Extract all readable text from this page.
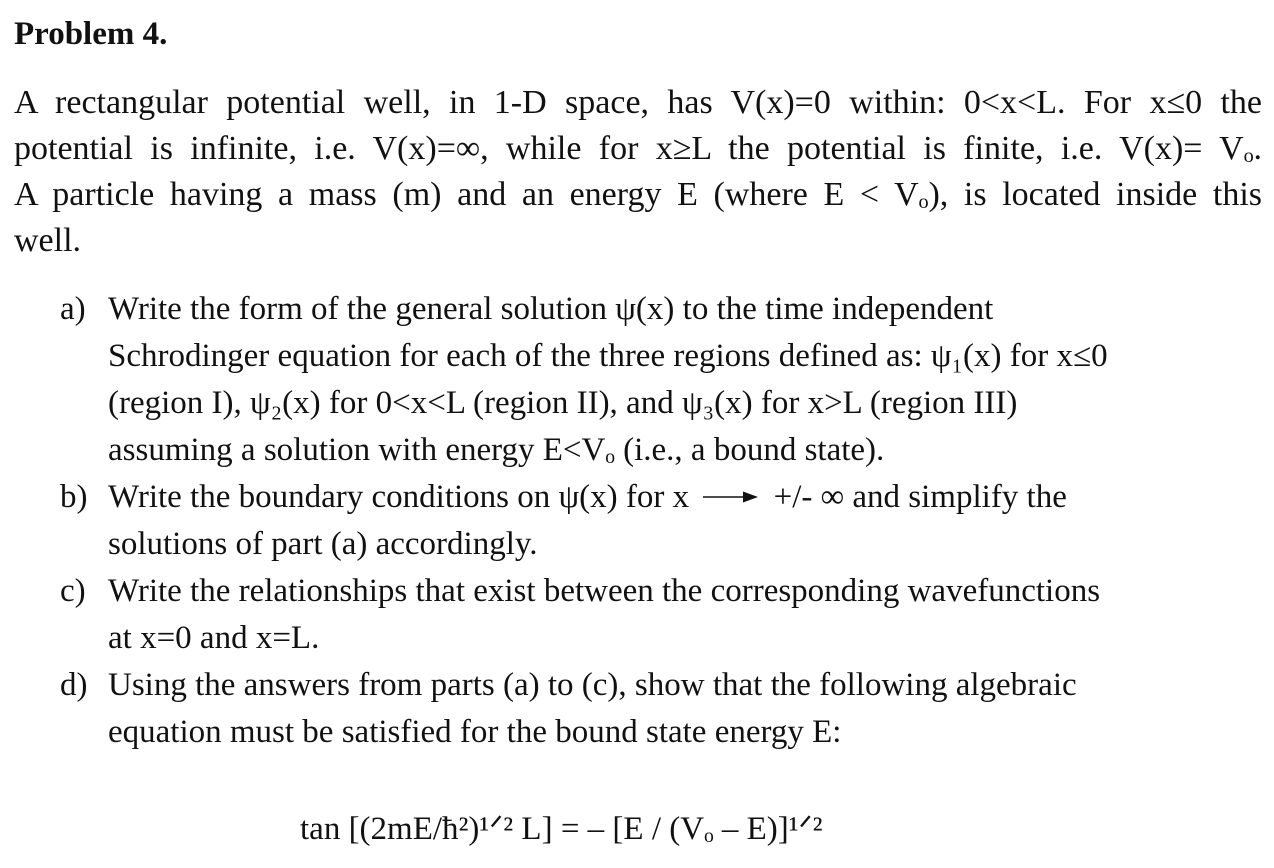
Problem 4.
A rectangular potential well, in 1-D space, has V(x)=0 within: 0<x<L. For x≤0 the
potential is infinite, i.e. V(x)=∞, while for x≥L the potential is finite, i.e. V(x)= Vₒ.
A particle having a mass (m) and an energy E (where E < Vₒ), is located inside this
well.
a) Write the form of the general solution ψ(x) to the time independent
Schrodinger equation for each of the three regions defined as: ψ₁(x) for x≤0
(region I), ψ₂(x) for 0<x<L (region II), and ψ₃(x) for x>L (region III)
assuming a solution with energy E<Vₒ (i.e., a bound state).
b) Write the boundary conditions on ψ(x) for x	+/- ∞ and simplify the
solutions of part (a) accordingly.
c) Write the relationships that exist between the corresponding wavefunctions
at x=0 and x=L.
d) Using the answers from parts (a) to (c), show that the following algebraic
equation must be satisfied for the bound state energy E:
tan [(2mE/ħ²)¹ᐟ² L] = – [E / (Vₒ – E)]¹ᐟ²
